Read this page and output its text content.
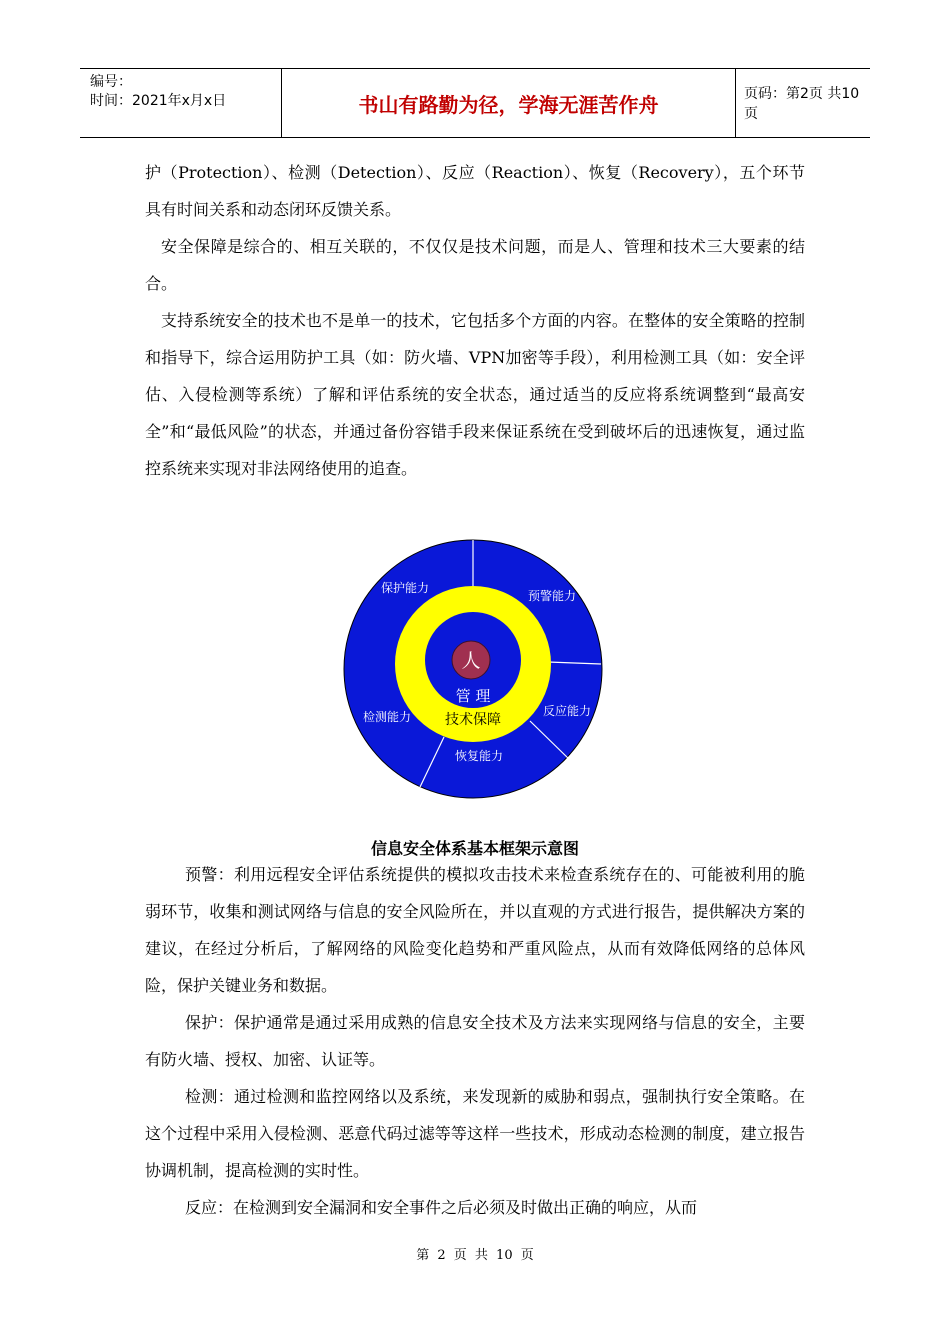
编号：
时间：2021年x月x日	书山有路勤为径，学海无涯苦作舟	页码：第2页 共10页

护（Protection）、检测（Detection）、反应（Reaction）、恢复（Recovery），五个环节具有时间关系和动态闭环反馈关系。

安全保障是综合的、相互关联的，不仅仅是技术问题，而是人、管理和技术三大要素的结合。

支持系统安全的技术也不是单一的技术，它包括多个方面的内容。在整体的安全策略的控制和指导下，综合运用防护工具（如：防火墙、VPN加密等手段），利用检测工具（如：安全评估、入侵检测等系统）了解和评估系统的安全状态，通过适当的反应将系统调整到“最高安全”和“最低风险”的状态，并通过备份容错手段来保证系统在受到破坏后的迅速恢复，通过监控系统来实现对非法网络使用的追查。

人
管 理
技术保障
保护能力
预警能力
反应能力
恢复能力
检测能力
信息安全体系基本框架示意图

预警：利用远程安全评估系统提供的模拟攻击技术来检查系统存在的、可能被利用的脆弱环节，收集和测试网络与信息的安全风险所在，并以直观的方式进行报告，提供解决方案的建议，在经过分析后，了解网络的风险变化趋势和严重风险点，从而有效降低网络的总体风险，保护关键业务和数据。

保护：保护通常是通过采用成熟的信息安全技术及方法来实现网络与信息的安全，主要有防火墙、授权、加密、认证等。

检测：通过检测和监控网络以及系统，来发现新的威胁和弱点，强制执行安全策略。在这个过程中采用入侵检测、恶意代码过滤等等这样一些技术，形成动态检测的制度，建立报告协调机制，提高检测的实时性。

反应：在检测到安全漏洞和安全事件之后必须及时做出正确的响应，从而

第 2 页 共 10 页
